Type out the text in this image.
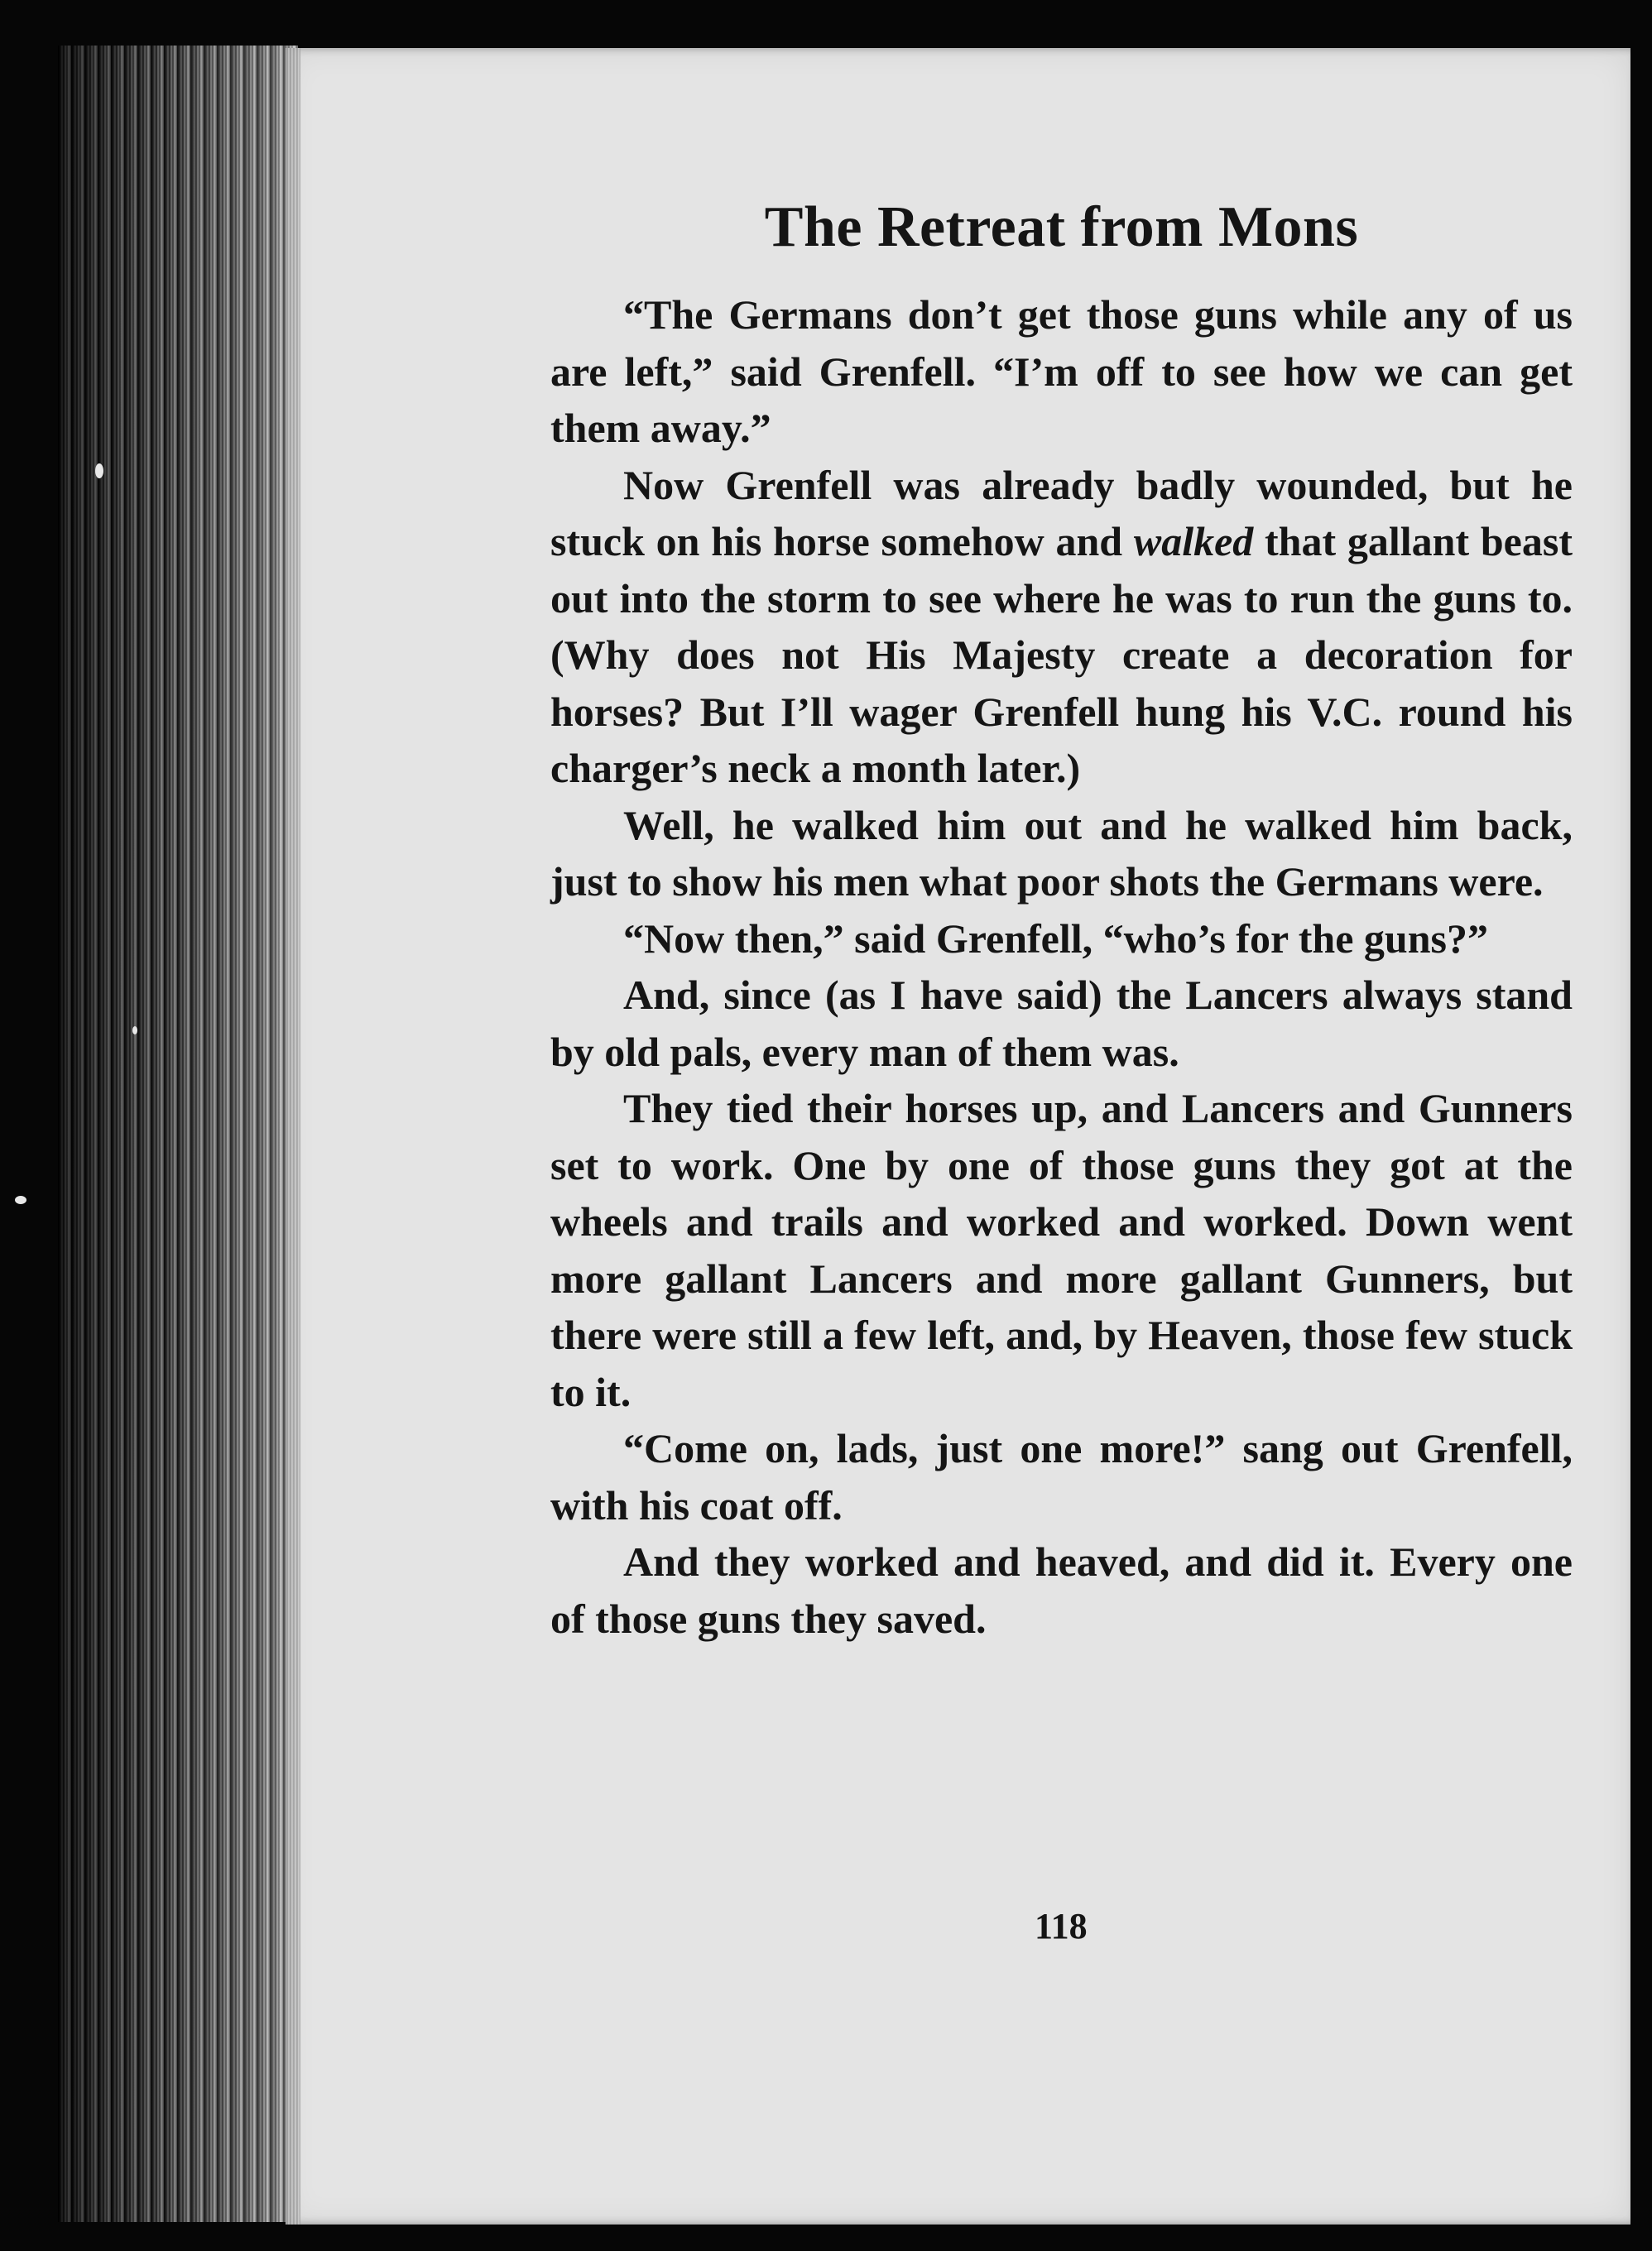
The Retreat from Mons

“The Germans don’t get those guns while any of us are left,” said Grenfell. “I’m off to see how we can get them away.”

Now Grenfell was already badly wounded, but he stuck on his horse somehow and walked that gallant beast out into the storm to see where he was to run the guns to. (Why does not His Majesty create a decoration for horses? But I’ll wager Grenfell hung his V.C. round his charger’s neck a month later.)

Well, he walked him out and he walked him back, just to show his men what poor shots the Germans were.

“Now then,” said Grenfell, “who’s for the guns?”

And, since (as I have said) the Lancers always stand by old pals, every man of them was.

They tied their horses up, and Lancers and Gunners set to work. One by one of those guns they got at the wheels and trails and worked and worked. Down went more gallant Lancers and more gallant Gunners, but there were still a few left, and, by Heaven, those few stuck to it.

“Come on, lads, just one more!” sang out Grenfell, with his coat off.

And they worked and heaved, and did it. Every one of those guns they saved.

118
